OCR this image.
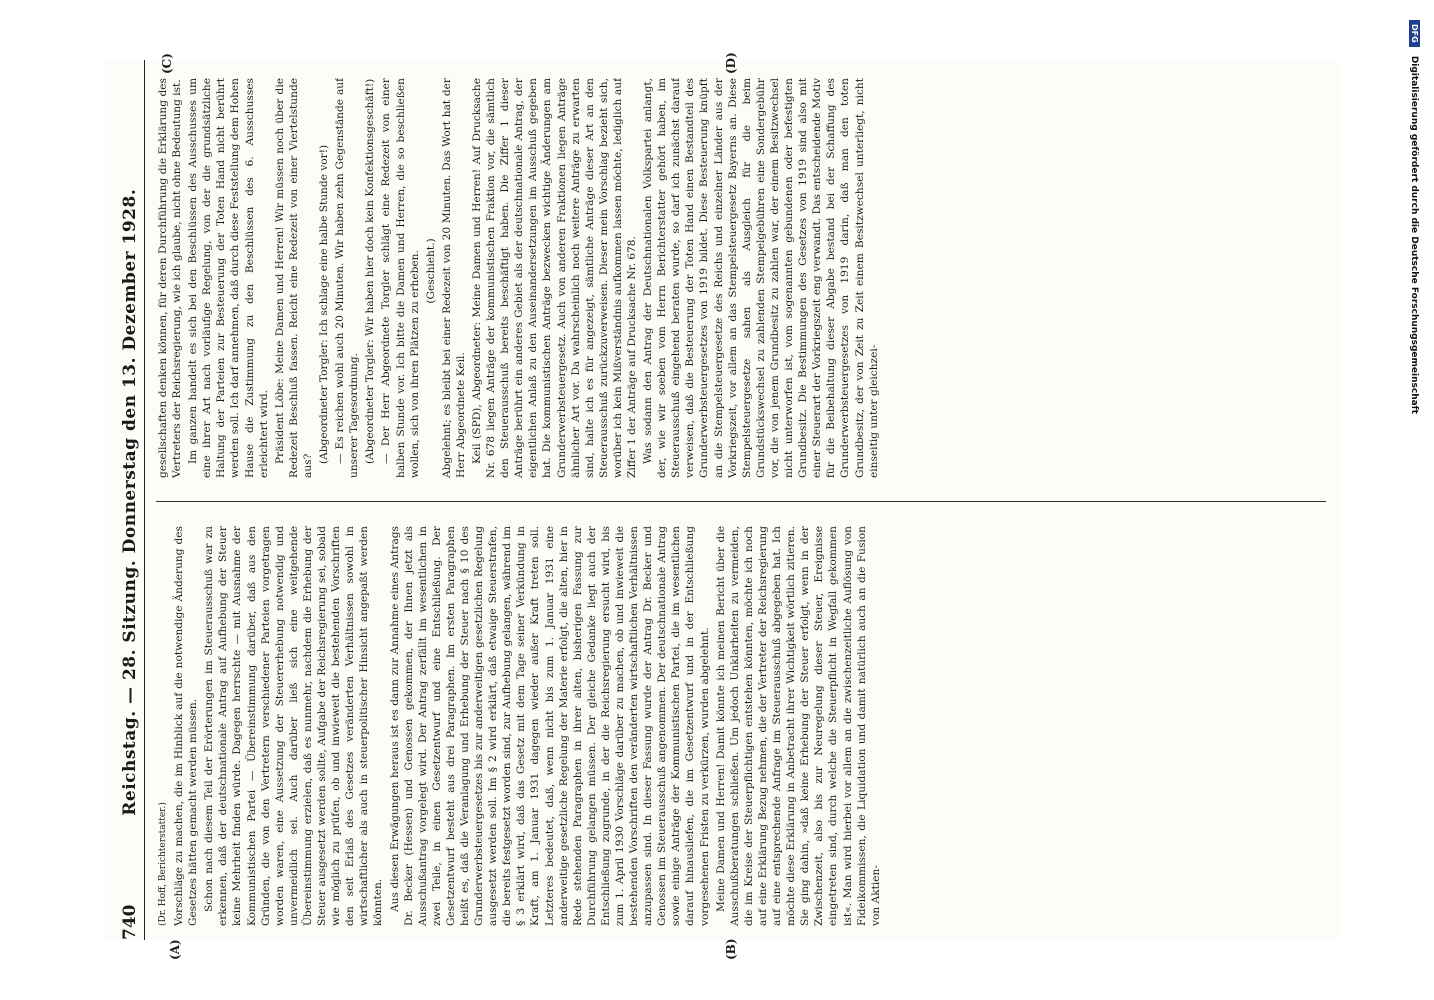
740
Reichstag. — 28. Sitzung. Donnerstag den 13. Dezember 1928.
(A)	(B)
(C)	(D)

(Dr. Hoff, Berichterstatter.) Vorschläge zu machen, die im Hinblick auf die notwendige Änderung des Gesetzes hätten gemacht werden müssen. Schon nach diesem Teil der Erörterungen im Steuerausschuß war zu erkennen, daß der deutschnationale Antrag auf Aufhebung der Steuer keine Mehrheit finden würde. Dagegen herrschte — mit Ausnahme der Kommunistischen Partei — Übereinstimmung darüber, daß aus den Gründen, die von den Vertretern verschiedener Parteien vorgetragen worden waren, eine Aussetzung der Steuererhebung notwendig und unvermeidlich sei. Auch darüber ließ sich eine weitgehende Übereinstimmung erzielen, daß es nunmehr, nachdem die Erhebung der Steuer ausgesetzt werden sollte, Aufgabe der Reichsregierung sei, sobald wie möglich zu prüfen, ob und inwieweit die bestehenden Vorschriften den seit Erlaß des Gesetzes veränderten Verhältnissen sowohl in wirtschaftlicher als auch in steuerpolitischer Hinsicht angepaßt werden könnten. Aus diesen Erwägungen heraus ist es dann zur Annahme eines Antrags Dr. Becker (Hessen) und Genossen gekommen, der Ihnen jetzt als Ausschußantrag vorgelegt wird. Der Antrag zerfällt im wesentlichen in zwei Teile, in einen Gesetzentwurf und eine Entschließung. Der Gesetzentwurf besteht aus drei Paragraphen. Im ersten Paragraphen heißt es, daß die Veranlagung und Erhebung der Steuer nach § 10 des Grunderwerbsteuergesetzes bis zur anderweitigen gesetzlichen Regelung ausgesetzt werden soll. Im § 2 wird erklärt, daß etwaige Steuerstrafen, die bereits festgesetzt worden sind, zur Aufhebung gelangen, während im § 3 erklärt wird, daß das Gesetz mit dem Tage seiner Verkündung in Kraft, am 1. Januar 1931 dagegen wieder außer Kraft treten soll. Letzteres bedeutet, daß, wenn nicht bis zum 1. Januar 1931 eine anderweitige gesetzliche Regelung der Materie erfolgt, die alten, hier in Rede stehenden Paragraphen in ihrer alten, bisherigen Fassung zur Durchführung gelangen müssen. Der gleiche Gedanke liegt auch der Entschließung zugrunde, in der die Reichsregierung ersucht wird, bis zum 1. April 1930 Vorschläge darüber zu machen, ob und inwieweit die bestehenden Vorschriften den veränderten wirtschaftlichen Verhältnissen anzupassen sind. In dieser Fassung wurde der Antrag Dr. Becker und Genossen im Steuerausschuß angenommen. Der deutschnationale Antrag sowie einige Anträge der Kommunistischen Partei, die im wesentlichen darauf hinausliefen, die im Gesetzentwurf und in der Entschließung vorgesehenen Fristen zu verkürzen, wurden abgelehnt. Meine Damen und Herren! Damit könnte ich meinen Bericht über die Ausschußberatungen schließen. Um jedoch Unklarheiten zu vermeiden, die im Kreise der Steuerpflichtigen entstehen könnten, möchte ich noch auf eine Erklärung Bezug nehmen, die der Vertreter der Reichsregierung auf eine entsprechende Anfrage im Steuerausschuß abgegeben hat. Ich möchte diese Erklärung in Anbetracht ihrer Wichtigkeit wörtlich zitieren. Sie ging dahin, »daß keine Erhebung der Steuer erfolgt, wenn in der Zwischenzeit, also bis zur Neuregelung dieser Steuer, Ereignisse eingetreten sind, durch welche die Steuerpflicht in Wegfall gekommen ist«. Man wird hierbei vor allem an die zwischenzeitliche Auflösung von Fideikommissen, die Liquidation und damit natürlich auch an die Fusion von Aktien-

gesellschaften denken können, für deren Durchführung die Erklärung des Vertreters der Reichsregierung, wie ich glaube, nicht ohne Bedeutung ist. Im ganzen handelt es sich bei den Beschlüssen des Ausschusses um eine ihrer Art nach vorläufige Regelung, von der die grundsätzliche Haltung der Parteien zur Besteuerung der Toten Hand nicht berührt werden soll. Ich darf annehmen, daß durch diese Feststellung dem Hohen Hause die Zustimmung zu den Beschlüssen des 6. Ausschusses erleichtert wird. Präsident Löbe: Meine Damen und Herren! Wir müssen noch über die Redezeit Beschluß fassen. Reicht eine Redezeit von einer Viertelstunde aus?

(Abgeordneter Torgler: Ich schlage eine halbe Stunde vor!) — Es reichen wohl auch 20 Minuten. Wir haben zehn Gegenstände auf unserer Tagesordnung. (Abgeordneter Torgler: Wir haben hier doch kein Konfektionsgeschäft!) — Der Herr Abgeordnete Torgler schlägt eine Redezeit von einer halben Stunde vor. Ich bitte die Damen und Herren, die so beschließen wollen, sich von ihren Plätzen zu erheben. (Geschieht.) Abgelehnt; es bleibt bei einer Redezeit von 20 Minuten. Das Wort hat der Herr Abgeordnete Keil. Keil (SPD), Abgeordneter: Meine Damen und Herren! Auf Drucksache Nr. 678 liegen Anträge der kommunistischen Fraktion vor, die sämtlich den Steuerausschuß bereits beschäftigt haben. Die Ziffer 1 dieser Anträge berührt ein anderes Gebiet als der deutschnationale Antrag, der eigentlichen Anlaß zu den Auseinandersetzungen im Ausschuß gegeben hat. Die kommunistischen Anträge bezwecken wichtige Änderungen am Grunderwerbsteuergesetz. Auch von anderen Fraktionen liegen Anträge ähnlicher Art vor. Da wahrscheinlich noch weitere Anträge zu erwarten sind, halte ich es für angezeigt, sämtliche Anträge dieser Art an den Steuerausschuß zurückzuverweisen. Dieser mein Vorschlag bezieht sich, worüber ich kein Mißverständnis aufkommen lassen möchte, lediglich auf Ziffer 1 der Anträge auf Drucksache Nr. 678. Was sodann den Antrag der Deutschnationalen Volkspartei anlangt, der, wie wir soeben vom Herrn Berichterstatter gehört haben, im Steuerausschuß eingehend beraten wurde, so darf ich zunächst darauf verweisen, daß die Besteuerung der Toten Hand einen Bestandteil des Grunderwerbsteuergesetzes von 1919 bildet. Diese Besteuerung knüpft an die Stempelsteuergesetze des Reichs und einzelner Länder aus der Vorkriegszeit, vor allem an das Stempelsteuergesetz Bayerns an. Diese Stempelsteuergesetze sahen als Ausgleich für die beim Grundstückswechsel zu zahlenden Stempelgebühren eine Sondergebühr vor, die von jenem Grundbesitz zu zahlen war, der einem Besitzwechsel nicht unterworfen ist, vom sogenannten gebundenen oder befestigten Grundbesitz. Die Bestimmungen des Gesetzes von 1919 sind also mit einer Steuerart der Vorkriegszeit eng verwandt. Das entscheidende Motiv für die Beibehaltung dieser Abgabe bestand bei der Schaffung des Grunderwerbsteuergesetzes von 1919 darin, daß man den toten Grundbesitz, der von Zeit zu Zeit einem Besitzwechsel unterliegt, nicht einseitig unter gleichzei-

DFG Digitalisierung gefördert durch die Deutsche Forschungsgemeinschaft
